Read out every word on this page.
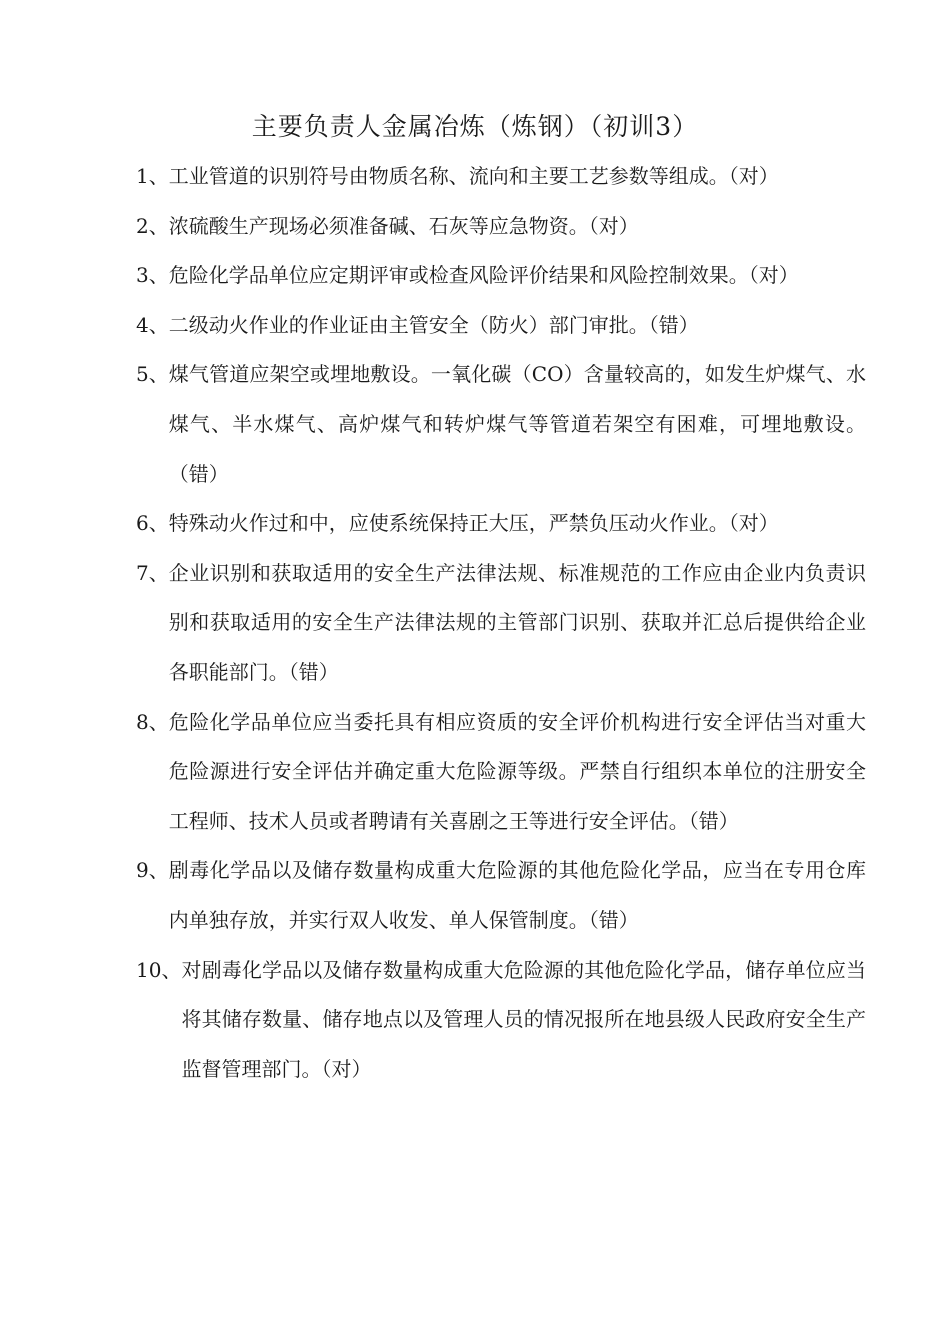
主要负责人金属冶炼（炼钢）（初训3）
1、 工业管道的识别符号由物质名称、流向和主要工艺参数等组成。（对）
2、 浓硫酸生产现场必须准备碱、石灰等应急物资。（对）
3、危险化学品单位应定期评审或检查风险评价结果和风险控制效果。（对）
4、 二级动火作业的作业证由主管安全（防火）部门审批。（错）
5、 煤气管道应架空或埋地敷设。一氧化碳（CO）含量较高的，如发生炉煤气、水煤气、半水煤气、高炉煤气和转炉煤气等管道若架空有困难，可埋地敷设。（错）
6、 特殊动火作过和中，应使系统保持正大压，严禁负压动火作业。（对）
7、 企业识别和获取适用的安全生产法律法规、标准规范的工作应由企业内负责识别和获取适用的安全生产法律法规的主管部门识别、获取并汇总后提供给企业各职能部门。（错）
8、 危险化学品单位应当委托具有相应资质的安全评价机构进行安全评估当对重大危险源进行安全评估并确定重大危险源等级。严禁自行组织本单位的注册安全工程师、技术人员或者聘请有关喜剧之王等进行安全评估。（错）
9、 剧毒化学品以及储存数量构成重大危险源的其他危险化学品，应当在专用仓库内单独存放，并实行双人收发、单人保管制度。（错）
10、 对剧毒化学品以及储存数量构成重大危险源的其他危险化学品，储存单位应当将其储存数量、储存地点以及管理人员的情况报所在地县级人民政府安全生产监督管理部门。（对）
